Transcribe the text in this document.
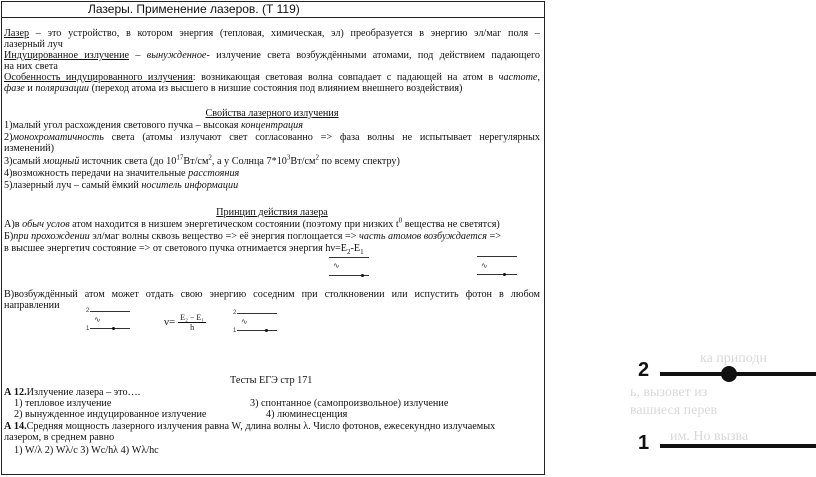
Лазеры. Применение лазеров. (Т 119)
Лазер – это устройство, в котором энергия (тепловая, химическая, эл) преобразуется в энергию эл/маг поля –
лазерный луч
Индуцированное излучение – вынужденное- излучение света возбуждёнными атомами, под действием падающего
на них света
Особенность индуцированного излучения: возникающая световая волна совпадает с падающей на атом в частоте,
фазе и поляризации (переход атома из высшего в низшие состояния под влиянием внешнего воздействия)
Свойства лазерного излучения
1)малый угол расхождения светового пучка – высокая концентрация
2)монохроматичность света (атомы излучают свет согласованно => фаза волны не испытывает нерегулярных
изменений)
3)самый мощный источник света (до $10^{17}Вт/см^2$, а у Солнца $7*10^3Вт/см^2$ по всему спектру)
4)возможность передачи на значительные расстояния
5)лазерный луч – самый ёмкий носитель информации
Принцип действия лазера
А)в обыч услов атом находится в низшем энергетическом состоянии (поэтому при низких $t^0$ вещества не светятся)
Б)при прохождении эл/маг волны сквозь вещество => её энергия поглощается => часть атомов возбуждается =>
в высшее энергетич состояние => от светового пучка отнимается энергия $h\nu=E_2-E_1$
∿
∿
В)возбуждённый атом может отдать свою энергию соседним при столкновении или испустить фотон в любом
направлении	2
1
∿	$\nu= \frac{\text{E₂ − E₁}}{h}$	2
1
∿
Тесты ЕГЭ стр 171
А 12.Излучение лазера – это….
1) тепловое излучение	3) спонтанное (самопроизвольное) излучение
2) вынужденное индуцированное излучение	4) люминесценция
А 14.Средняя мощность лазерного излучения равна W, длина волны λ. Число фотонов, ежесекундно излучаемых
лазером, в среднем равно
1) W/λ 2) Wλ/c 3) Wc/hλ 4) Wλ/hc
ка приподн
ь, вызовет из
вашиеся перев
им. Но вызва
2
1
